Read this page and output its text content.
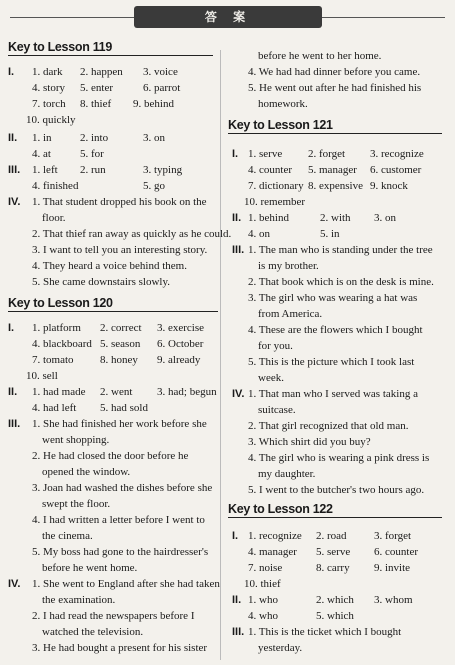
答 案
Key to Lesson 119
I. 1. dark 2. happen 3. voice
4. story 5. enter	6. parrot
7. torch 8. thief 9. behind
10. quickly
II. 1. in	2. into	3. on
4. at	5. for
III. 1. left 2. run	3. typing
4. finished	5. go
IV. 1. That student dropped his book on the
floor.
2. That thief ran away as quickly as he could.
3. I want to tell you an interesting story.
4. They heard a voice behind them.
5. She came downstairs slowly.
Key to Lesson 120
I. 1. platform 2. correct 3. exercise
4. blackboard 5. season 6. October
7. tomato 8. honey 9. already
10. sell
II. 1. had made 2. went 3. had; begun
4. had left 5. had sold
III. 1. She had finished her work before she
went shopping.
2. He had closed the door before he
opened the window.
3. Joan had washed the dishes before she
swept the floor.
4. I had written a letter before I went to
the cinema.
5. My boss had gone to the hairdresser's
before he went home.
IV. 1. She went to England after she had taken
the examination.
2. I had read the newspapers before I
watched the television.
3. He had bought a present for his sister
before he went to her home.
4. We had had dinner before you came.
5. He went out after he had finished his
homework.
Key to Lesson 121
I. 1. serve 2. forget 3. recognize
4. counter 5. manager 6. customer
7. dictionary 8. expensive 9. knock
10. remember
II. 1. behind	2. with 3. on
4. on	5. in
III. 1. The man who is standing under the tree
is my brother.
2. That book which is on the desk is mine.
3. The girl who was wearing a hat was
from America.
4. These are the flowers which I bought
for you.
5. This is the picture which I took last
week.
IV. 1. That man who I served was taking a
suitcase.
2. That girl recognized that old man.
3. Which shirt did you buy?
4. The girl who is wearing a pink dress is
my daughter.
5. I went to the butcher's two hours ago.
Key to Lesson 122
I. 1. recognize 2. road 3. forget
4. manager 5. serve 6. counter
7. noise	8. carry 9. invite
10. thief
II. 1. who	2. which 3. whom
4. who	5. which
III. 1. This is the ticket which I bought
yesterday.
